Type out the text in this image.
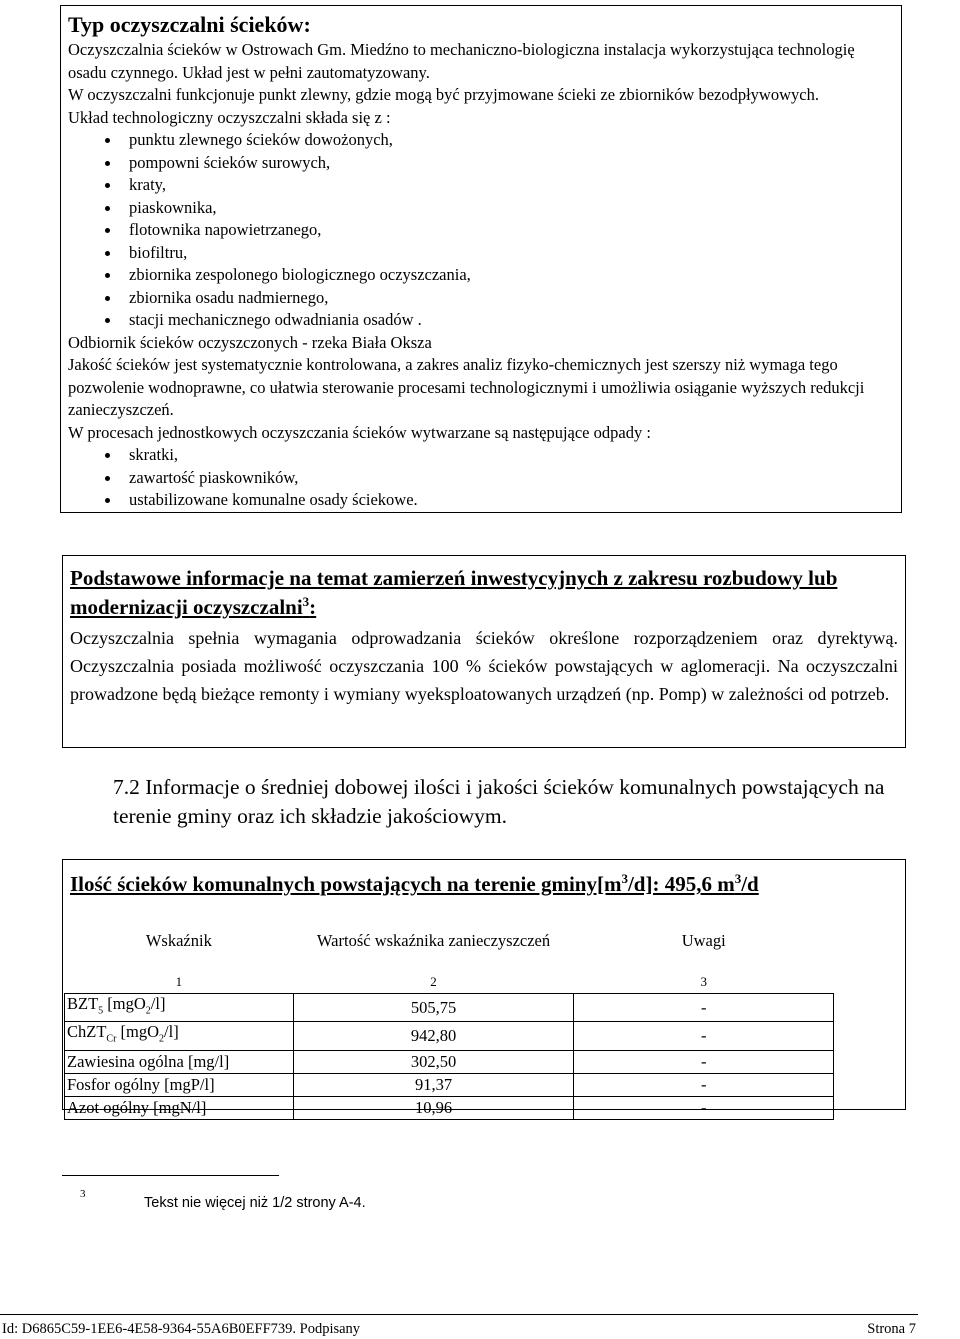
Typ oczyszczalni ścieków:

Oczyszczalnia ścieków w Ostrowach Gm. Miedźno to mechaniczno-biologiczna instalacja wykorzystująca technologię osadu czynnego. Układ jest w pełni zautomatyzowany.

W oczyszczalni funkcjonuje punkt zlewny, gdzie mogą być przyjmowane ścieki ze zbiorników bezodpływowych.

Układ technologiczny oczyszczalni składa się z :

punktu zlewnego ścieków dowożonych,
pompowni ścieków surowych,
kraty,
piaskownika,
flotownika napowietrzanego,
biofiltru,
zbiornika zespolonego biologicznego oczyszczania,
zbiornika osadu nadmiernego,
stacji mechanicznego odwadniania osadów .

Odbiornik ścieków oczyszczonych - rzeka Biała Oksza

Jakość ścieków jest systematycznie kontrolowana, a zakres analiz fizyko-chemicznych jest szerszy niż wymaga tego pozwolenie wodnoprawne, co ułatwia sterowanie procesami technologicznymi i umożliwia osiąganie wyższych redukcji zanieczyszczeń.

W procesach jednostkowych oczyszczania ścieków wytwarzane są następujące odpady :

skratki,
zawartość piaskowników,
ustabilizowane komunalne osady ściekowe.
Podstawowe informacje na temat zamierzeń inwestycyjnych z zakresu rozbudowy lub modernizacji oczyszczalni$^3$:
Oczyszczalnia spełnia wymagania odprowadzania ścieków określone rozporządzeniem oraz dyrektywą. Oczyszczalnia posiada możliwość oczyszczania 100 % ścieków powstających w aglomeracji. Na oczyszczalni prowadzone będą bieżące remonty i wymiany wyeksploatowanych urządzeń (np. Pomp) w zależności od potrzeb.
7.2 Informacje o średniej dobowej ilości i jakości ścieków komunalnych powstających na terenie gminy oraz ich składzie jakościowym.
Ilość ścieków komunalnych powstających na terenie $gminy[m^3/d]$: 495,6 $m^3/d$
Wskaźnik	Wartość wskaźnika zanieczyszczeń	Uwagi
1	2	3
$BZT_5$ [mgO$_2$/l]	505,75	-
ChZT$_{Cr}$ [mgO$_2$/l]	942,80	-
Zawiesina ogólna [mg/l]	302,50	-
Fosfor ogólny [mgP/l]	91,37	-
Azot ogólny [mgN/l]	10,96	-
3
Tekst nie więcej niż 1/2 strony A-4.
Id: D6865C59-1EE6-4E58-9364-55A6B0EFF739. Podpisany	Strona 7
